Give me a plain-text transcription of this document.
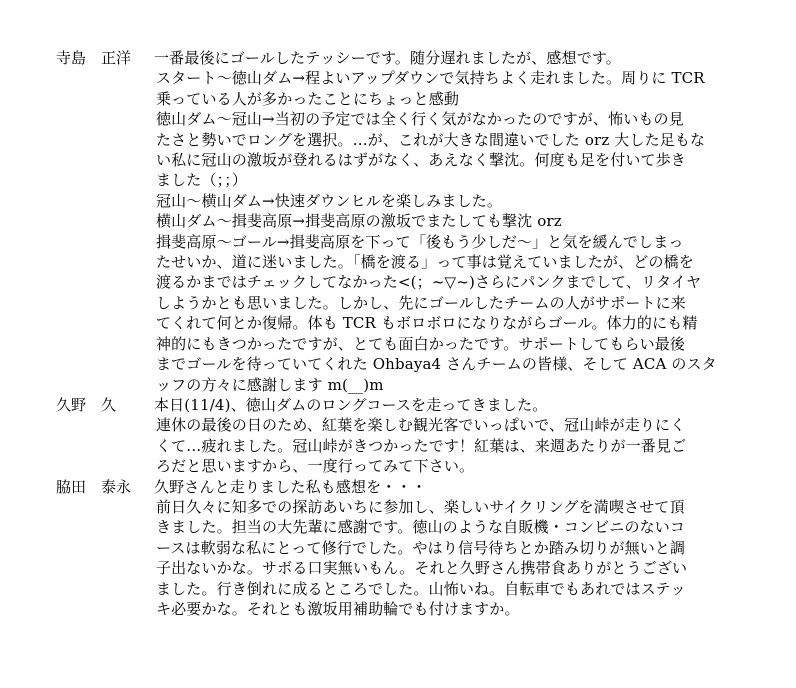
寺島　正洋	一番最後にゴールしたテッシーです。随分遅れましたが、感想です。
スタート～徳山ダム→程よいアップダウンで気持ちよく走れました。周りに TCR
乗っている人が多かったことにちょっと感動
徳山ダム～冠山→当初の予定では全く行く気がなかったのですが、怖いもの見
たさと勢いでロングを選択。…が、これが大きな間違いでした orz 大した足もな
い私に冠山の激坂が登れるはずがなく、あえなく撃沈。何度も足を付いて歩き
ました（；；）
冠山～横山ダム→快速ダウンヒルを楽しみました。
横山ダム～揖斐高原→揖斐高原の激坂でまたしても撃沈 orz
揖斐高原～ゴール→揖斐高原を下って「後もう少しだ～」と気を緩んでしまっ
たせいか、道に迷いました。「橋を渡る」って事は覚えていましたが、どの橋を
渡るかまではチェックしてなかった<(；~▽~)さらにパンクまでして、リタイヤ
しようかとも思いました。しかし、先にゴールしたチームの人がサポートに来
てくれて何とか復帰。体も TCR もボロボロになりながらゴール。体力的にも精
神的にもきつかったですが、とても面白かったです。サポートしてもらい最後
までゴールを待っていてくれた Ohbaya4 さんチームの皆様、そして ACA のスタ
ッフの方々に感謝します m(__)m
久野　久	本日(11/4)、徳山ダムのロングコースを走ってきました。
連休の最後の日のため、紅葉を楽しむ観光客でいっぱいで、冠山峠が走りにく
くて…疲れました。冠山峠がきつかったです！紅葉は、来週あたりが一番見ご
ろだと思いますから、一度行ってみて下さい。
脇田　泰永	久野さんと走りました私も感想を・・・
前日久々に知多での探訪あいちに参加し、楽しいサイクリングを満喫させて頂
きました。担当の大先輩に感謝です。徳山のような自販機・コンビニのないコ
ースは軟弱な私にとって修行でした。やはり信号待ちとか踏み切りが無いと調
子出ないかな。サボる口実無いもん。それと久野さん携帯食ありがとうござい
ました。行き倒れに成るところでした。山怖いね。自転車でもあれではステッ
キ必要かな。それとも激坂用補助輪でも付けますか。
